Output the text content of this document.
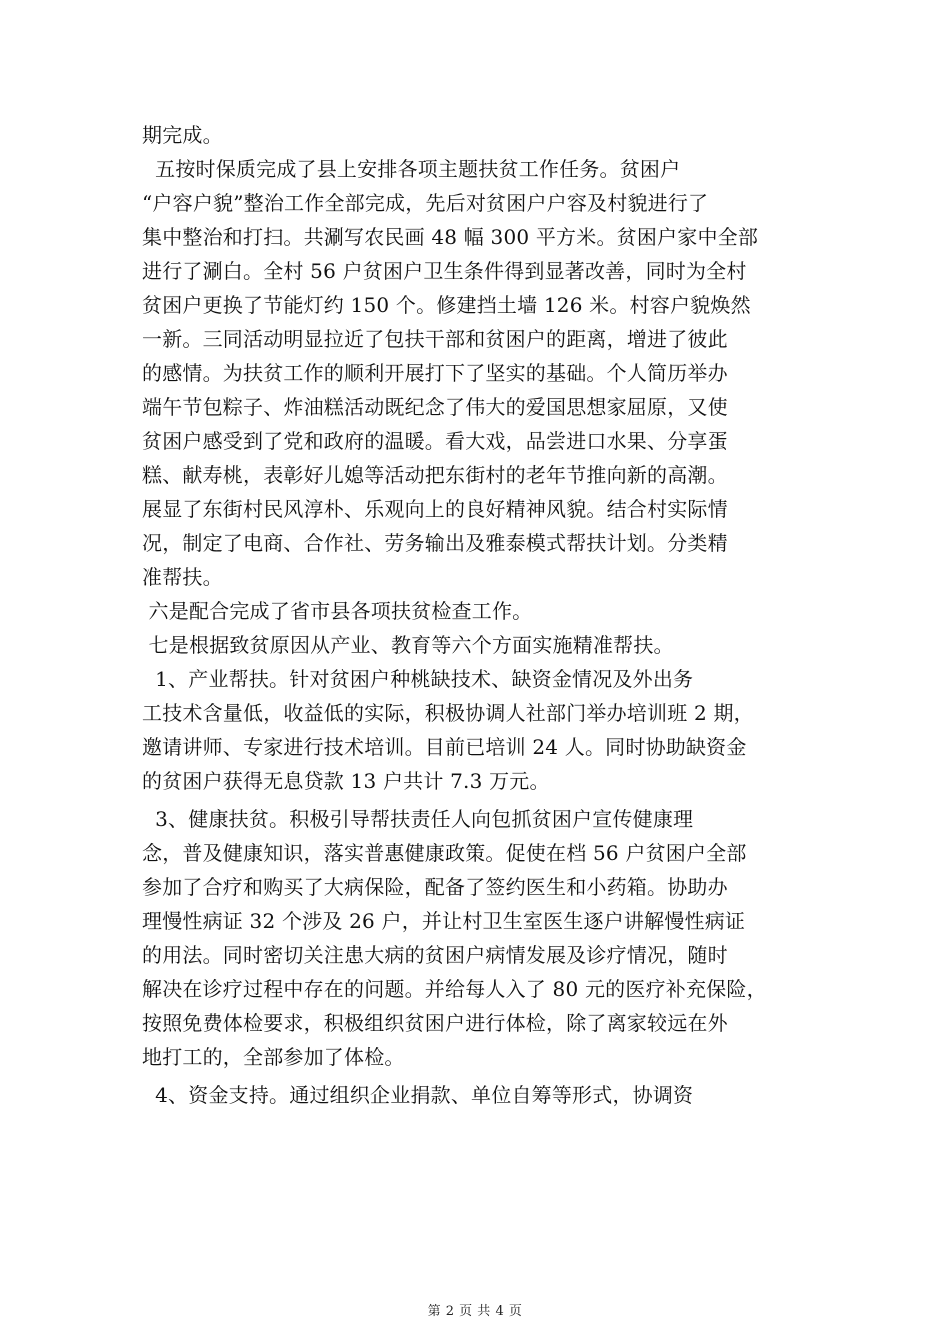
期完成。
五按时保质完成了县上安排各项主题扶贫工作任务。贫困户
“户容户貌”整治工作全部完成，先后对贫困户户容及村貌进行了
集中整治和打扫。共涮写农民画 48 幅 300 平方米。贫困户家中全部
进行了涮白。全村 56 户贫困户卫生条件得到显著改善，同时为全村
贫困户更换了节能灯约 150 个。修建挡土墙 126 米。村容户貌焕然
一新。三同活动明显拉近了包扶干部和贫困户的距离，增进了彼此
的感情。为扶贫工作的顺利开展打下了坚实的基础。个人简历举办
端午节包粽子、炸油糕活动既纪念了伟大的爱国思想家屈原，又使
贫困户感受到了党和政府的温暖。看大戏，品尝进口水果、分享蛋
糕、献寿桃，表彰好儿媳等活动把东街村的老年节推向新的高潮。
展显了东街村民风淳朴、乐观向上的良好精神风貌。结合村实际情
况，制定了电商、合作社、劳务输出及雅泰模式帮扶计划。分类精
准帮扶。
六是配合完成了省市县各项扶贫检查工作。
七是根据致贫原因从产业、教育等六个方面实施精准帮扶。
1、产业帮扶。针对贫困户种桃缺技术、缺资金情况及外出务
工技术含量低，收益低的实际，积极协调人社部门举办培训班 2 期，
邀请讲师、专家进行技术培训。目前已培训 24 人。同时协助缺资金
的贫困户获得无息贷款 13 户共计 7.3 万元。
3、健康扶贫。积极引导帮扶责任人向包抓贫困户宣传健康理
念，普及健康知识，落实普惠健康政策。促使在档 56 户贫困户全部
参加了合疗和购买了大病保险，配备了签约医生和小药箱。协助办
理慢性病证 32 个涉及 26 户，并让村卫生室医生逐户讲解慢性病证
的用法。同时密切关注患大病的贫困户病情发展及诊疗情况，随时
解决在诊疗过程中存在的问题。并给每人入了 80 元的医疗补充保险，
按照免费体检要求，积极组织贫困户进行体检，除了离家较远在外
地打工的，全部参加了体检。
4、资金支持。通过组织企业捐款、单位自筹等形式，协调资
第 2 页 共 4 页
